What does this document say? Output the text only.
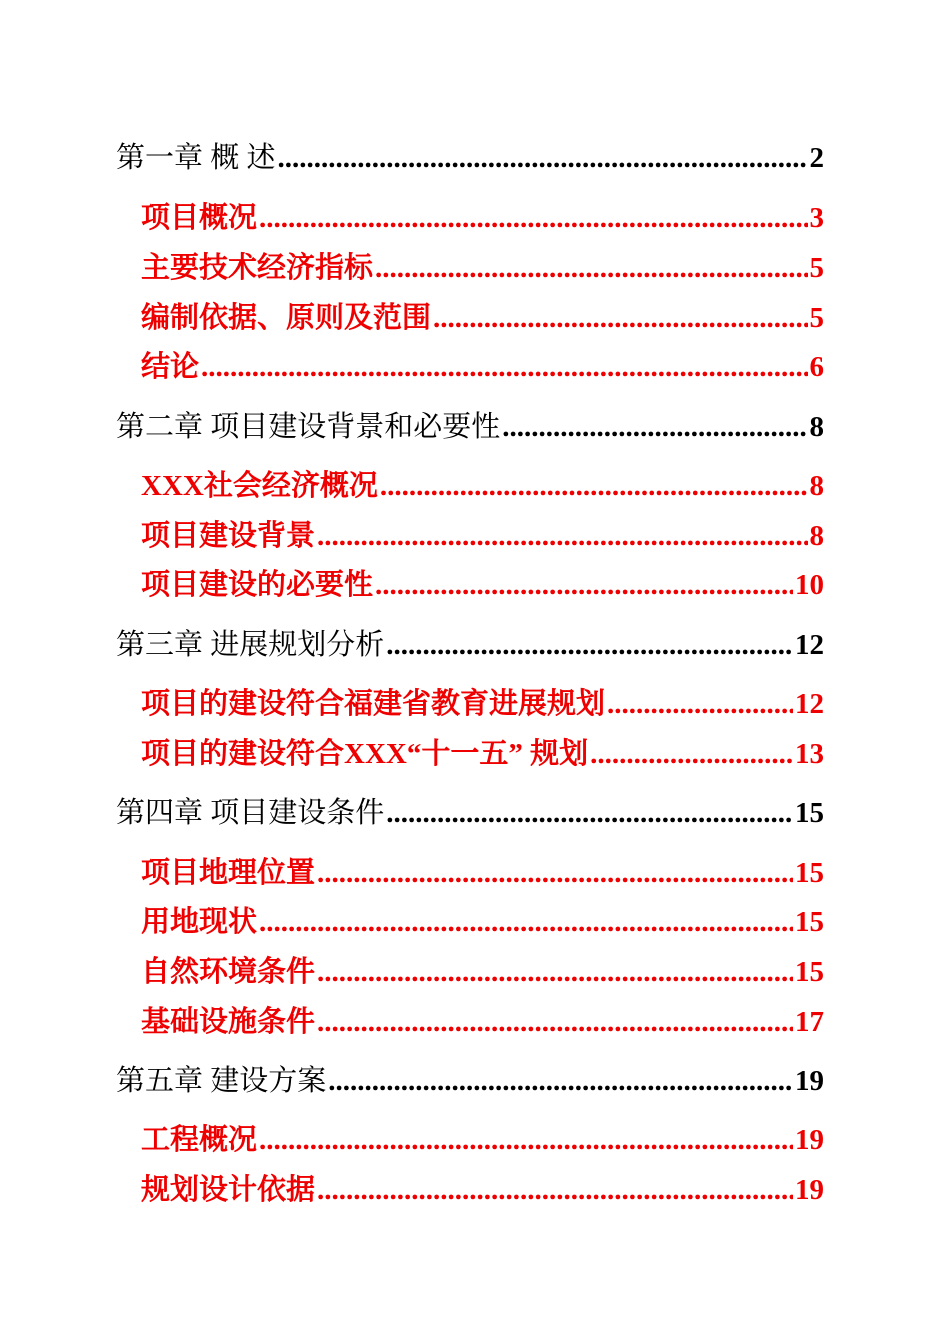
第一章 概 述 .....	2
项目概况 .....	3
主要技术经济指标 .....	5
编制依据、原则及范围 .....	5
结论 .....	6
第二章 项目建设背景和必要性 .....	8
XXX社会经济概况 .....	8
项目建设背景 .....	8
项目建设的必要性 .....	10
第三章 进展规划分析 .....	12
项目的建设符合福建省教育进展规划 .....	12
项目的建设符合XXX“十一五” 规划 .....	13
第四章 项目建设条件 .....	15
项目地理位置 .....	15
用地现状 .....	15
自然环境条件 .....	15
基础设施条件 .....	17
第五章 建设方案 .....	19
工程概况 .....	19
规划设计依据 .....	19
